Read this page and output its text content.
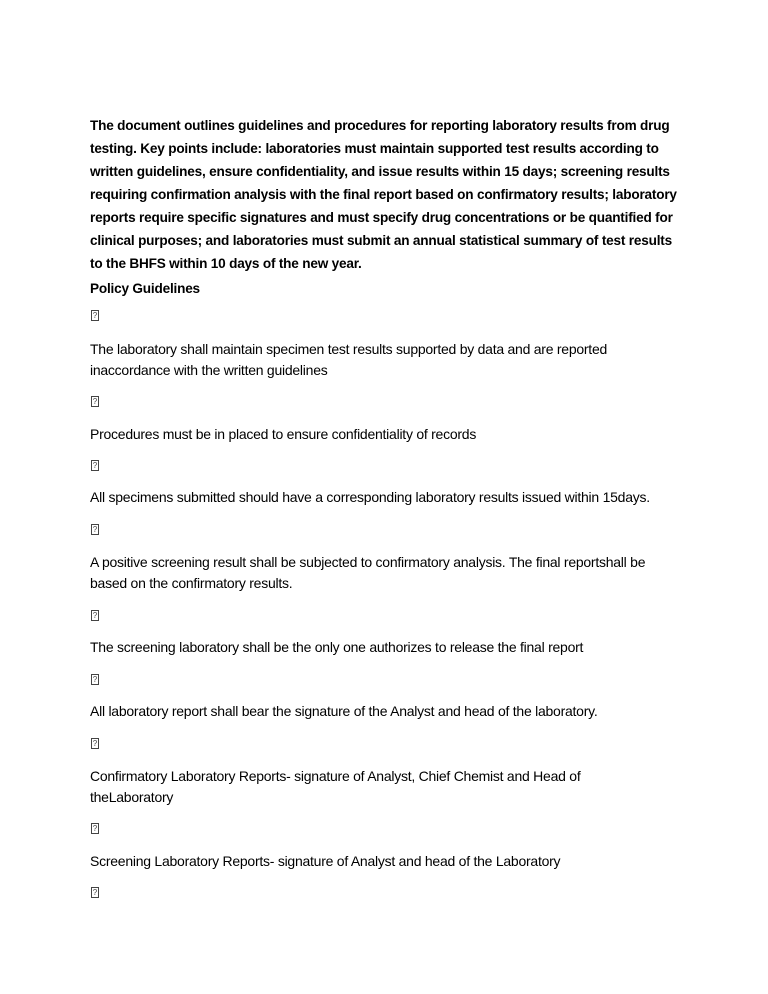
The document outlines guidelines and procedures for reporting laboratory results from drug
testing. Key points include: laboratories must maintain supported test results according to
written guidelines, ensure confidentiality, and issue results within 15 days; screening results
requiring confirmation analysis with the final report based on confirmatory results; laboratory
reports require specific signatures and must specify drug concentrations or be quantified for
clinical purposes; and laboratories must submit an annual statistical summary of test results
to the BHFS within 10 days of the new year.
Policy Guidelines
?
The laboratory shall maintain specimen test results supported by data and are reported
inaccordance with the written guidelines
?
Procedures must be in placed to ensure confidentiality of records
?
All specimens submitted should have a corresponding laboratory results issued within 15days.
?
A positive screening result shall be subjected to confirmatory analysis. The final reportshall be
based on the confirmatory results.
?
The screening laboratory shall be the only one authorizes to release the final report
?
All laboratory report shall bear the signature of the Analyst and head of the laboratory.
?
Confirmatory Laboratory Reports- signature of Analyst, Chief Chemist and Head of
theLaboratory
?
Screening Laboratory Reports- signature of Analyst and head of the Laboratory
?
